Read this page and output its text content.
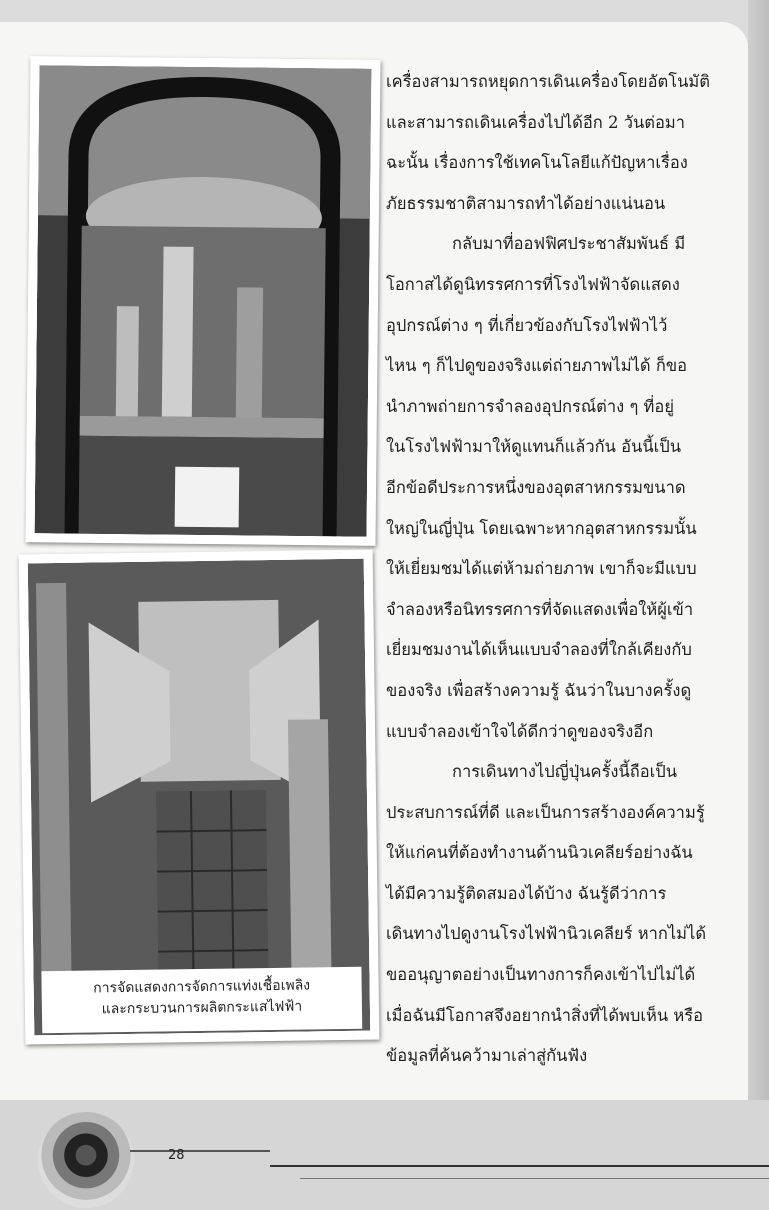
การจัดแสดงการจัดการแท่งเชื้อเพลิง
และกระบวนการผลิตกระแสไฟฟ้า

เครื่องสามารถหยุดการเดินเครื่องโดยอัตโนมัติ

และสามารถเดินเครื่องไปได้อีก 2 วันต่อมา

ฉะนั้น เรื่องการใช้เทคโนโลยีแก้ปัญหาเรื่อง

ภัยธรรมชาติสามารถทำได้อย่างแน่นอน

กลับมาที่ออฟฟิศประชาสัมพันธ์ มี

โอกาสได้ดูนิทรรศการที่โรงไฟฟ้าจัดแสดง

อุปกรณ์ต่าง ๆ ที่เกี่ยวข้องกับโรงไฟฟ้าไว้

ไหน ๆ ก็ไปดูของจริงแต่ถ่ายภาพไม่ได้ ก็ขอ

นำภาพถ่ายการจำลองอุปกรณ์ต่าง ๆ ที่อยู่

ในโรงไฟฟ้ามาให้ดูแทนก็แล้วกัน อันนี้เป็น

อีกข้อดีประการหนึ่งของอุตสาหกรรมขนาด

ใหญ่ในญี่ปุ่น โดยเฉพาะหากอุตสาหกรรมนั้น

ให้เยี่ยมชมได้แต่ห้ามถ่ายภาพ เขาก็จะมีแบบ

จำลองหรือนิทรรศการที่จัดแสดงเพื่อให้ผู้เข้า

เยี่ยมชมงานได้เห็นแบบจำลองที่ใกล้เคียงกับ

ของจริง เพื่อสร้างความรู้ ฉันว่าในบางครั้งดู

แบบจำลองเข้าใจได้ดีกว่าดูของจริงอีก

การเดินทางไปญี่ปุ่นครั้งนี้ถือเป็น

ประสบการณ์ที่ดี และเป็นการสร้างองค์ความรู้

ให้แก่คนที่ต้องทำงานด้านนิวเคลียร์อย่างฉัน

ได้มีความรู้ติดสมองได้บ้าง ฉันรู้ดีว่าการ

เดินทางไปดูงานโรงไฟฟ้านิวเคลียร์ หากไม่ได้

ขออนุญาตอย่างเป็นทางการก็คงเข้าไปไม่ได้

เมื่อฉันมีโอกาสจึงอยากนำสิ่งที่ได้พบเห็น หรือ

ข้อมูลที่ค้นคว้ามาเล่าสู่กันฟัง

28
